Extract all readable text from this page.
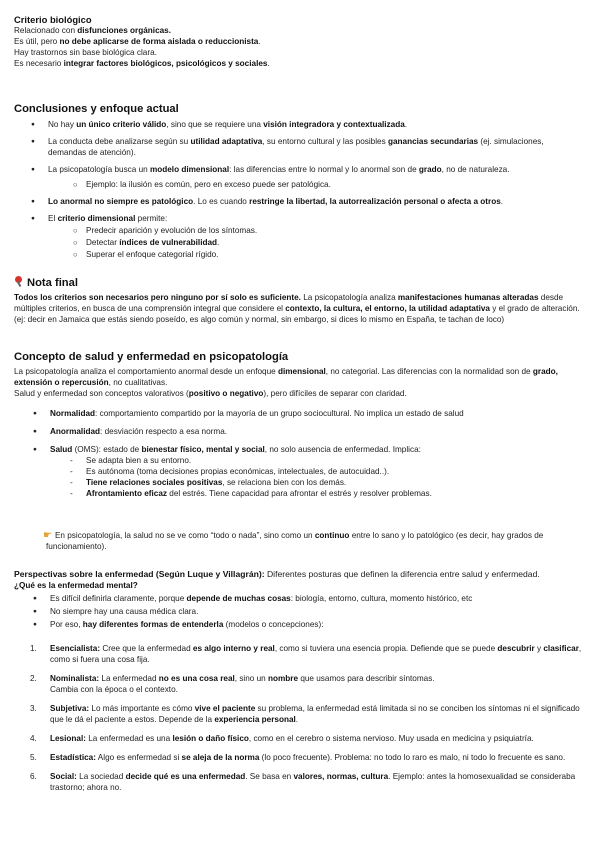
Criterio biológico
Relacionado con disfunciones orgánicas.
Es útil, pero no debe aplicarse de forma aislada o reduccionista.
Hay trastornos sin base biológica clara.
Es necesario integrar factores biológicos, psicológicos y sociales.
Conclusiones y enfoque actual
● No hay un único criterio válido, sino que se requiere una visión integradora y contextualizada.
● La conducta debe analizarse según su utilidad adaptativa, su entorno cultural y las posibles ganancias secundarias (ej. simulaciones, demandas de atención).
● La psicopatología busca un modelo dimensional: las diferencias entre lo normal y lo anormal son de grado, no de naturaleza.
○ Ejemplo: la ilusión es común, pero en exceso puede ser patológica.
● Lo anormal no siempre es patológico. Lo es cuando restringe la libertad, la autorrealización personal o afecta a otros.
● El criterio dimensional permite:
○ Predecir aparición y evolución de los síntomas.
○ Detectar índices de vulnerabilidad.
○ Superar el enfoque categorial rígido.
Nota final
Todos los criterios son necesarios pero ninguno por sí solo es suficiente. La psicopatología analiza manifestaciones humanas alteradas desde múltiples criterios, en busca de una comprensión integral que considere el contexto, la cultura, el entorno, la utilidad adaptativa y el grado de alteración. (ej: decir en Jamaica que estás siendo poseído, es algo común y normal, sin embargo, si dices lo mismo en España, te tachan de loco)
Concepto de salud y enfermedad en psicopatología
La psicopatología analiza el comportamiento anormal desde un enfoque dimensional, no categorial. Las diferencias con la normalidad son de grado, extensión o repercusión, no cualitativas.
Salud y enfermedad son conceptos valorativos (positivo o negativo), pero difíciles de separar con claridad.
● Normalidad: comportamiento compartido por la mayoría de un grupo sociocultural. No implica un estado de salud
● Anormalidad: desviación respecto a esa norma.
● Salud (OMS): estado de bienestar físico, mental y social, no solo ausencia de enfermedad. Implica:
- Se adapta bien a su entorno.
- Es autónoma (toma decisiones propias económicas, intelectuales, de autocuidad..).
- Tiene relaciones sociales positivas, se relaciona bien con los demás.
- Afrontamiento eficaz del estrés. Tiene capacidad para afrontar el estrés y resolver problemas.
☛ En psicopatología, la salud no se ve como “todo o nada”, sino como un continuo entre lo sano y lo patológico (es decir, hay grados de funcionamiento).
Perspectivas sobre la enfermedad (Según Luque y Villagrán): Diferentes posturas que definen la diferencia entre salud y enfermedad.
¿Qué es la enfermedad mental?
● Es difícil definirla claramente, porque depende de muchas cosas: biología, entorno, cultura, momento histórico, etc
● No siempre hay una causa médica clara.
● Por eso, hay diferentes formas de entenderla (modelos o concepciones):
1. Esencialista: Cree que la enfermedad es algo interno y real, como si tuviera una esencia propia. Defiende que se puede descubrir y clasificar, como si fuera una cosa fija.
2. Nominalista: La enfermedad no es una cosa real, sino un nombre que usamos para describir síntomas.
Cambia con la época o el contexto.
3. Subjetiva: Lo más importante es cómo vive el paciente su problema, la enfermedad está limitada si no se conciben los síntomas ni el significado que le dá el paciente a estos. Depende de la experiencia personal.
4. Lesional: La enfermedad es una lesión o daño físico, como en el cerebro o sistema nervioso. Muy usada en medicina y psiquiatría.
5. Estadística: Algo es enfermedad si se aleja de la norma (lo poco frecuente). Problema: no todo lo raro es malo, ni todo lo frecuente es sano.
6. Social: La sociedad decide qué es una enfermedad. Se basa en valores, normas, cultura. Ejemplo: antes la homosexualidad se consideraba trastorno; ahora no.
